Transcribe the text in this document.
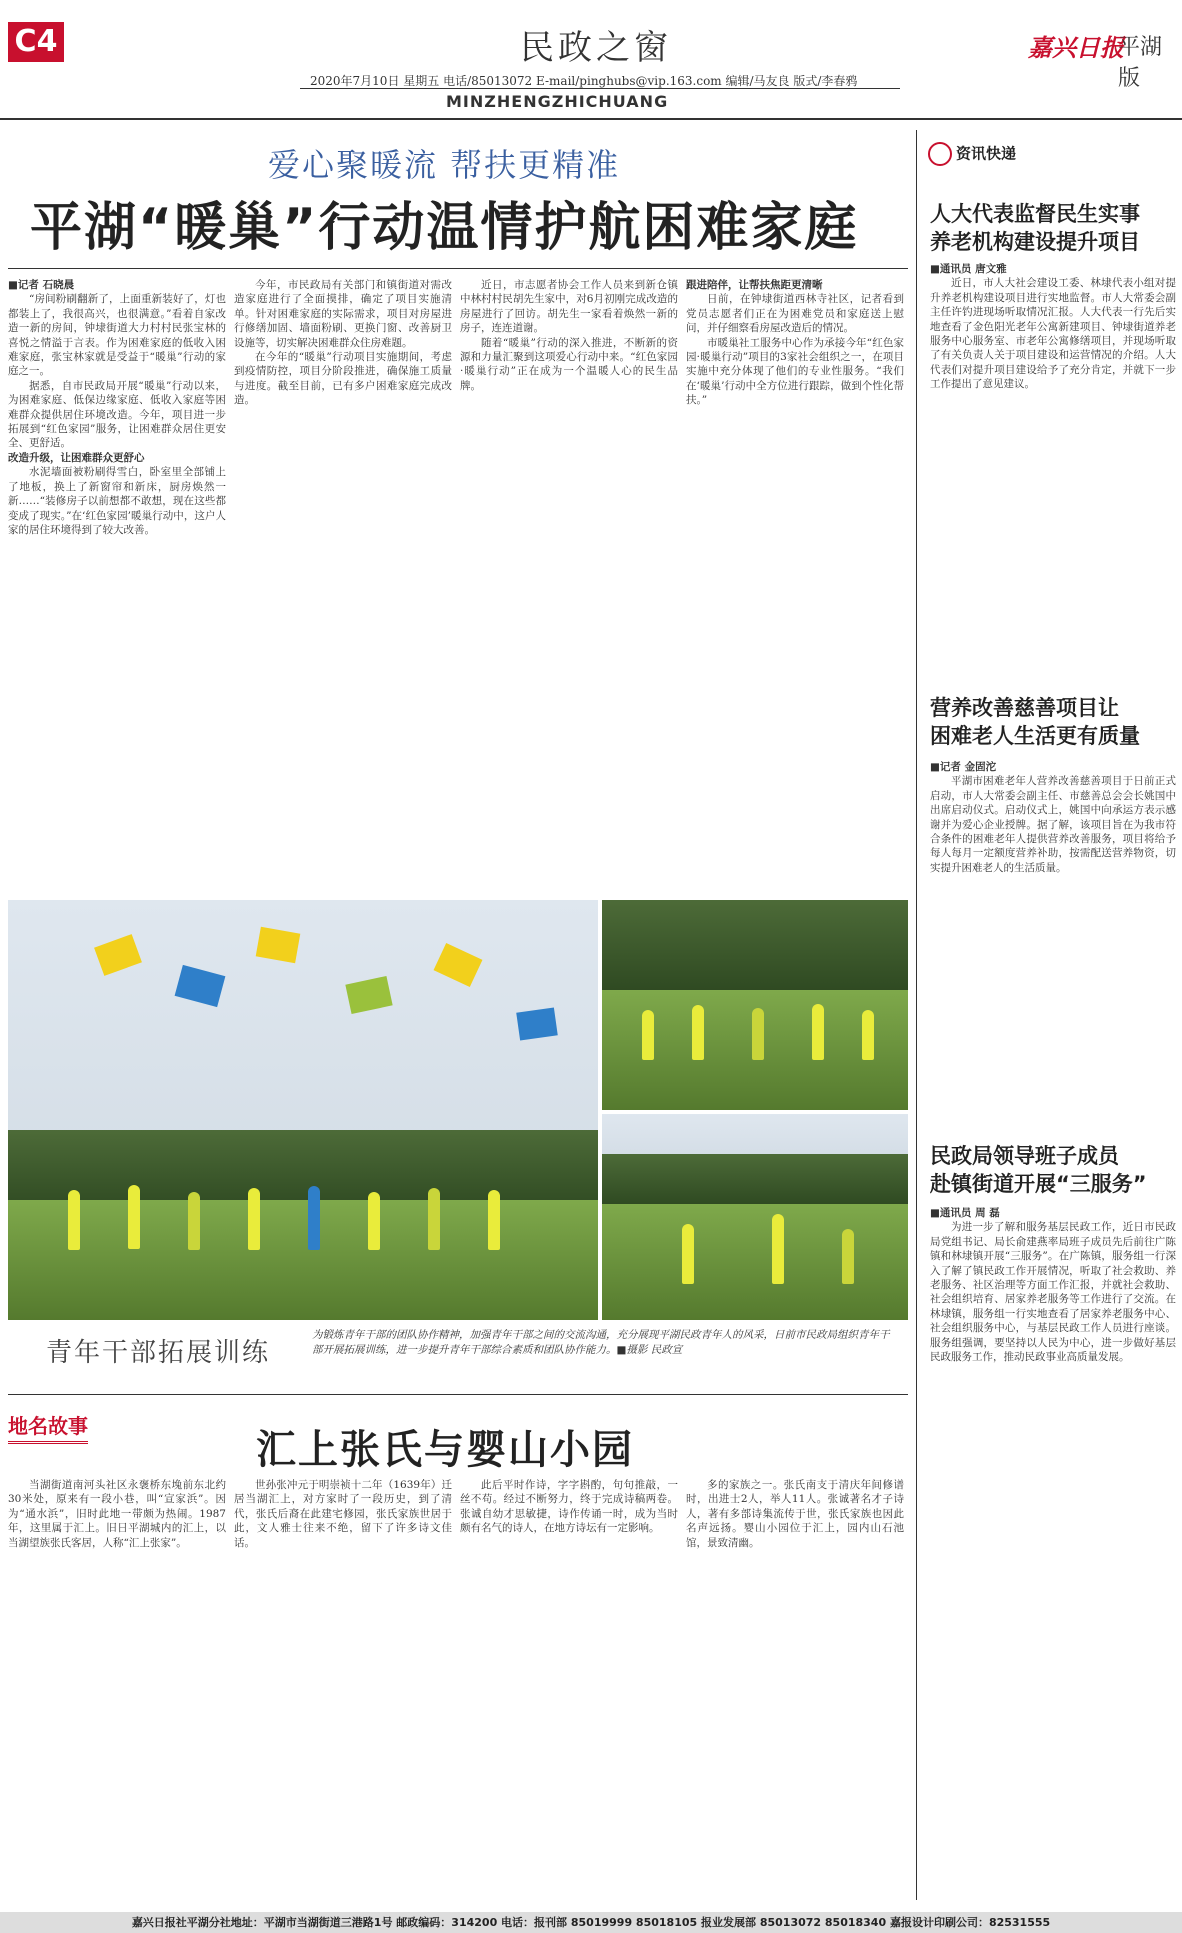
C4	民政之窗	嘉兴日报
平湖版
2020年7月10日 星期五 电话/85013072 E-mail/pinghubs@vip.163.com 编辑/马友良 版式/李春鸦
MINZHENGZHICHUANG
爱心聚暖流 帮扶更精准
平湖“暖巢”行动温情护航困难家庭

■记者 石晓晨

“房间粉刷翻新了，上面重新装好了，灯也都装上了，我很高兴，也很满意。”看着自家改造一新的房间，钟埭街道大力村村民张宝林的喜悦之情溢于言表。作为困难家庭的低收入困难家庭，张宝林家就是受益于“暖巢”行动的家庭之一。

据悉，自市民政局开展“暖巢”行动以来，为困难家庭、低保边缘家庭、低收入家庭等困难群众提供居住环境改造。今年，项目进一步拓展到“红色家园”服务，让困难群众居住更安全、更舒适。

改造升级，让困难群众更舒心

水泥墙面被粉刷得雪白，卧室里全部铺上了地板，换上了新窗帘和新床，厨房焕然一新……“装修房子以前想都不敢想，现在这些都变成了现实。”在‘红色家园’暖巢行动中，这户人家的居住环境得到了较大改善。

今年，市民政局有关部门和镇街道对需改造家庭进行了全面摸排，确定了项目实施清单。针对困难家庭的实际需求，项目对房屋进行修缮加固、墙面粉刷、更换门窗、改善厨卫设施等，切实解决困难群众住房难题。

在今年的“暖巢”行动项目实施期间，考虑到疫情防控，项目分阶段推进，确保施工质量与进度。截至目前，已有多户困难家庭完成改造。

近日，市志愿者协会工作人员来到新仓镇中林村村民胡先生家中，对6月初刚完成改造的房屋进行了回访。胡先生一家看着焕然一新的房子，连连道谢。

随着“暖巢”行动的深入推进，不断新的资源和力量汇聚到这项爱心行动中来。“红色家园·暖巢行动”正在成为一个温暖人心的民生品牌。

跟进陪伴，让帮扶焦距更清晰

日前，在钟埭街道西林寺社区，记者看到党员志愿者们正在为困难党员和家庭送上慰问，并仔细察看房屋改造后的情况。

市暖巢社工服务中心作为承接今年“红色家园·暖巢行动”项目的3家社会组织之一，在项目实施中充分体现了他们的专业性服务。“我们在‘暖巢’行动中全方位进行跟踪，做到个性化帮扶。”

青年干部拓展训练
为锻炼青年干部的团队协作精神，加强青年干部之间的交流沟通，充分展现平湖民政青年人的风采，日前市民政局组织青年干部开展拓展训练，进一步提升青年干部综合素质和团队协作能力。■摄影 民政宣
资讯快递
人大代表监督民生实事
养老机构建设提升项目

■通讯员 唐文雅

近日，市人大社会建设工委、林埭代表小组对提升养老机构建设项目进行实地监督。市人大常委会副主任许钓进现场听取情况汇报。人大代表一行先后实地查看了金色阳光老年公寓新建项目、钟埭街道养老服务中心服务室、市老年公寓修缮项目，并现场听取了有关负责人关于项目建设和运营情况的介绍。人大代表们对提升项目建设给予了充分肯定，并就下一步工作提出了意见建议。

营养改善慈善项目让
困难老人生活更有质量

■记者 金固沱

平湖市困难老年人营养改善慈善项目于日前正式启动，市人大常委会副主任、市慈善总会会长姚国中出席启动仪式。启动仪式上，姚国中向承运方表示感谢并为爱心企业授牌。据了解，该项目旨在为我市符合条件的困难老年人提供营养改善服务，项目将给予每人每月一定额度营养补助，按需配送营养物资，切实提升困难老人的生活质量。

民政局领导班子成员
赴镇街道开展“三服务”

■通讯员 周 磊

为进一步了解和服务基层民政工作，近日市民政局党组书记、局长俞建燕率局班子成员先后前往广陈镇和林埭镇开展“三服务”。在广陈镇，服务组一行深入了解了镇民政工作开展情况，听取了社会救助、养老服务、社区治理等方面工作汇报，并就社会救助、社会组织培育、居家养老服务等工作进行了交流。在林埭镇，服务组一行实地查看了居家养老服务中心、社会组织服务中心，与基层民政工作人员进行座谈。服务组强调，要坚持以人民为中心，进一步做好基层民政服务工作，推动民政事业高质量发展。

地名故事
汇上张氏与婴山小园

当湖街道南河头社区永褒桥东堍前东北约30米处，原来有一段小巷，叫“宣家浜”。因为“通水浜”，旧时此地一带颇为热闹。1987年，这里属于汇上。旧日平湖城内的汇上，以当湖望族张氏客居，人称“汇上张家”。

世孙张冲元于明崇祯十二年（1639年）迁居当湖汇上，对方家时了一段历史，到了清代，张氏后裔在此建宅修园，张氏家族世居于此，文人雅士往来不绝，留下了许多诗文佳话。

此后平时作诗，字字斟酌，句句推敲，一丝不苟。经过不断努力，终于完成诗稿两卷。张诚自幼才思敏捷，诗作传诵一时，成为当时颇有名气的诗人，在地方诗坛有一定影响。

多的家族之一。张氏南支于清庆年间修谱时，出进士2人，举人11人。张诚著名才子诗人，著有多部诗集流传于世，张氏家族也因此名声远扬。婴山小园位于汇上，园内山石池馆，景致清幽。

嘉兴日报社平湖分社地址：平湖市当湖街道三港路1号 邮政编码：314200 电话：报刊部 85019999 85018105 报业发展部 85013072 85018340 嘉报设计印刷公司：82531555
